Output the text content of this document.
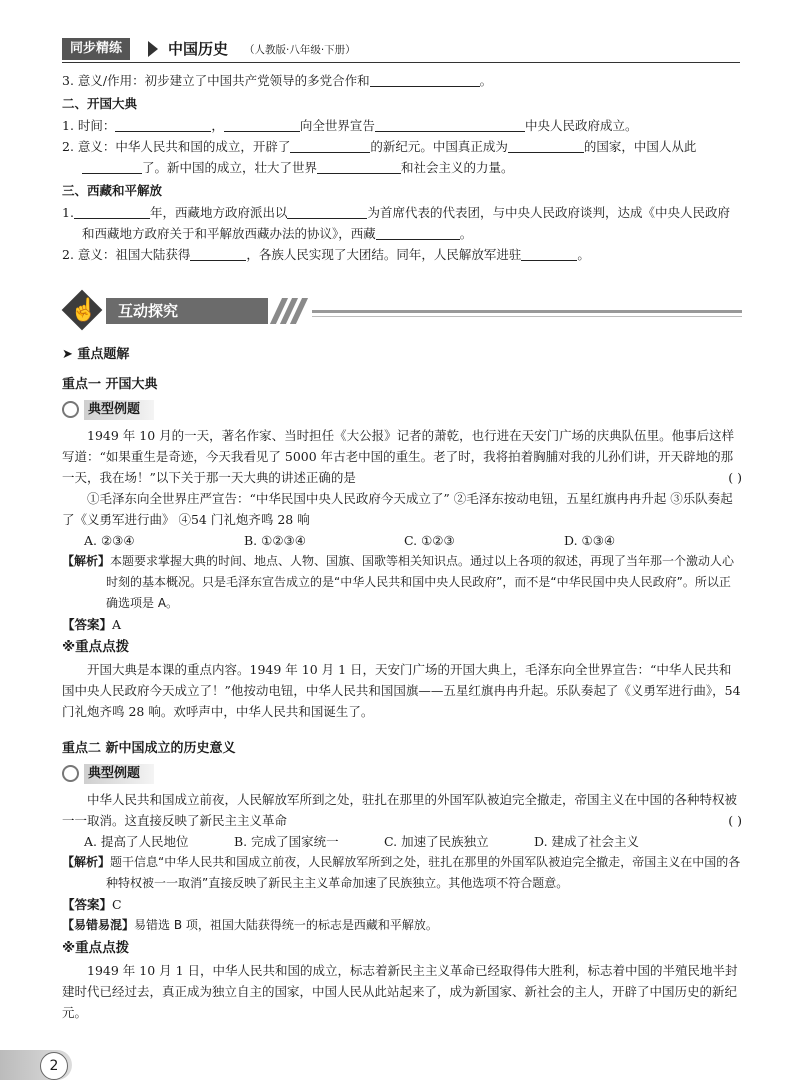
同步精练	中国历史 （人教版·八年级·下册）

3. 意义/作用：初步建立了中国共产党领导的多党合作和	。

二、开国大典

1. 时间：	，	向全世界宣告	中央人民政府成立。

2. 意义：中华人民共和国的成立，开辟了	的新纪元。中国真正成为	的国家，中国人从此了。新中国的成立，壮大了世界	和社会主义的力量。

三、西藏和平解放

1.	年，西藏地方政府派出以	为首席代表的代表团，与中央人民政府谈判，达成《中央人民政府和西藏地方政府关于和平解放西藏办法的协议》，西藏	。

2. 意义：祖国大陆获得	，各族人民实现了大团结。同年，人民解放军进驻	。

☝	互动探究
➤ 重点题解
重点一 开国大典
典型例题

1949 年 10 月的一天，著名作家、当时担任《大公报》记者的萧乾，也行进在天安门广场的庆典队伍里。他事后这样写道：“如果重生是奇迹，今天我看见了 5000 年古老中国的重生。老了时，我将拍着胸脯对我的儿孙们讲，开天辟地的那一天，我在场！”以下关于那一天大典的讲述正确的是	( )

①毛泽东向全世界庄严宣告：“中华民国中央人民政府今天成立了” ②毛泽东按动电钮，五星红旗冉冉升起 ③乐队奏起了《义勇军进行曲》 ④54 门礼炮齐鸣 28 响

A. ②③④	B. ①②③④	C. ①②③	D. ①③④

【解析】本题要求掌握大典的时间、地点、人物、国旗、国歌等相关知识点。通过以上各项的叙述，再现了当年那一个激动人心时刻的基本概况。只是毛泽东宣告成立的是“中华人民共和国中央人民政府”，而不是“中华民国中央人民政府”。所以正确选项是 A。

【答案】A

※重点点拨

开国大典是本课的重点内容。1949 年 10 月 1 日，天安门广场的开国大典上，毛泽东向全世界宣告：“中华人民共和国中央人民政府今天成立了！”他按动电钮，中华人民共和国国旗——五星红旗冉冉升起。乐队奏起了《义勇军进行曲》，54 门礼炮齐鸣 28 响。欢呼声中，中华人民共和国诞生了。

重点二 新中国成立的历史意义
典型例题

中华人民共和国成立前夜，人民解放军所到之处，驻扎在那里的外国军队被迫完全撤走，帝国主义在中国的各种特权被一一取消。这直接反映了新民主主义革命	( )

A. 提高了人民地位	B. 完成了国家统一	C. 加速了民族独立	D. 建成了社会主义

【解析】题干信息“中华人民共和国成立前夜，人民解放军所到之处，驻扎在那里的外国军队被迫完全撤走，帝国主义在中国的各种特权被一一取消”直接反映了新民主主义革命加速了民族独立。其他选项不符合题意。

【答案】C

【易错易混】易错选 B 项，祖国大陆获得统一的标志是西藏和平解放。

※重点点拨

1949 年 10 月 1 日，中华人民共和国的成立，标志着新民主主义革命已经取得伟大胜利，标志着中国的半殖民地半封建时代已经过去，真正成为独立自主的国家，中国人民从此站起来了，成为新国家、新社会的主人，开辟了中国历史的新纪元。

2
